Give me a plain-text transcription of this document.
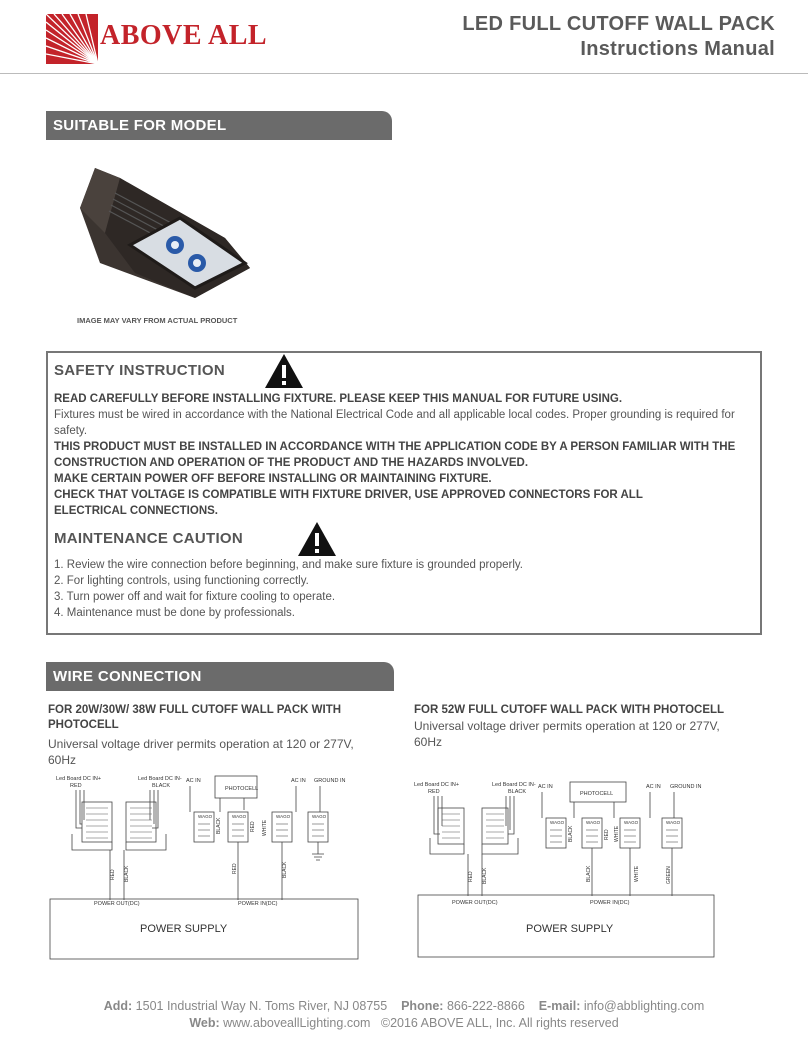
ABOVE ALL	LED FULL CUTOFF WALL PACK
Instructions Manual
SUITABLE FOR MODEL
IMAGE MAY VARY FROM ACTUAL PRODUCT
SAFETY INSTRUCTION
READ CAREFULLY BEFORE INSTALLING FIXTURE. PLEASE KEEP THIS MANUAL FOR FUTURE USING.
Fixtures must be wired in accordance with the National Electrical Code and all applicable local codes. Proper grounding is required for safety.
THIS PRODUCT MUST BE INSTALLED IN ACCORDANCE WITH THE APPLICATION CODE BY A PERSON FAMILIAR WITH THE CONSTRUCTION AND OPERATION OF THE PRODUCT AND THE HAZARDS INVOLVED.
MAKE CERTAIN POWER OFF BEFORE INSTALLING OR MAINTAINING FIXTURE.
CHECK THAT VOLTAGE IS COMPATIBLE WITH FIXTURE DRIVER, USE APPROVED CONNECTORS FOR ALL ELECTRICAL CONNECTIONS.
MAINTENANCE CAUTION
1. Review the wire connection before beginning, and make sure fixture is grounded properly.
2. For lighting controls, using functioning correctly.
3. Turn power off and wait for fixture cooling to operate.
4. Maintenance must be done by professionals.
WIRE CONNECTION
FOR 20W/30W/ 38W FULL CUTOFF WALL PACK WITH PHOTOCELL
Universal voltage driver permits operation at 120 or 277V, 60Hz
FOR 52W FULL CUTOFF WALL PACK WITH PHOTOCELL
Universal voltage driver permits operation at 120 or 277V, 60Hz
Led Board DC IN+
RED
Led Board DC IN-
BLACK
AC IN	AC IN GROUND IN
WAGO	WAGO	WAGO	WAGO
PHOTOCELL
RED BLACK	RED	BLACK
BLACK	RED WHITE
POWER OUT(DC)	POWER IN(DC)
POWER SUPPLY
Led Board DC IN+
RED
Led Board DC IN-
BLACK
AC IN	AC IN GROUND IN
WAGO	WAGO	WAGO	WAGO
PHOTOCELL
RED BLACK	BLACK	WHITE	GREEN
BLACK	RED WHITE
POWER OUT(DC)	POWER IN(DC)
POWER SUPPLY
Add: 1501 Industrial Way N. Toms River, NJ 08755 Phone: 866-222-8866 E-mail: info@abblighting.com
Web: www.aboveallLighting.com ©2016 ABOVE ALL, Inc. All rights reserved
